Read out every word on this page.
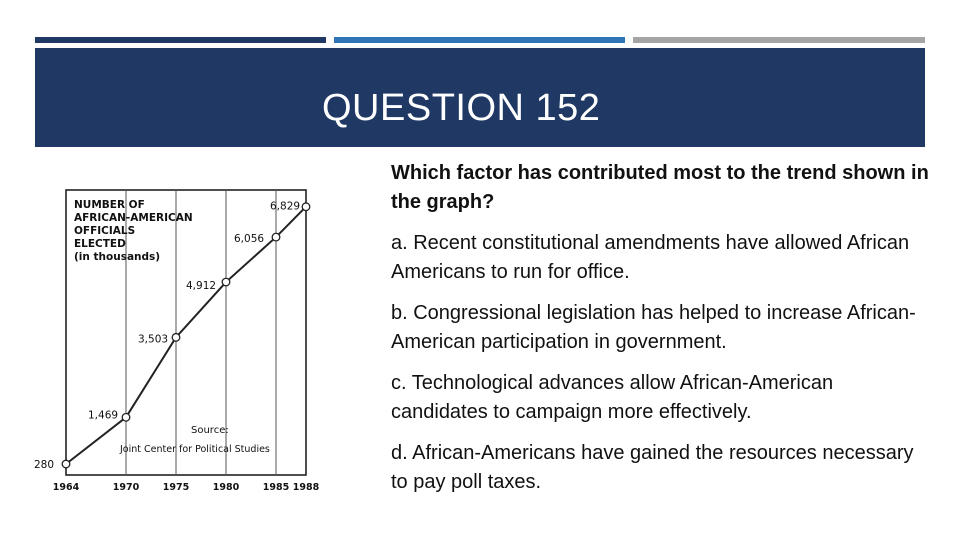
QUESTION 152
NUMBER OF
AFRICAN-AMERICAN
OFFICIALS
ELECTED
(in thousands)
280
1,469
3,503
4,912
6,056
6,829
1964	1970 1975 1980 1985 1988
Source:
Joint Center for Political Studies

Which factor has contributed most to the trend shown in the graph?

a. Recent constitutional amendments have allowed African Americans to run for office.

b. Congressional legislation has helped to increase African-American participation in government.

c. Technological advances allow African-American candidates to campaign more effectively.

d. African-Americans have gained the resources necessary to pay poll taxes.
